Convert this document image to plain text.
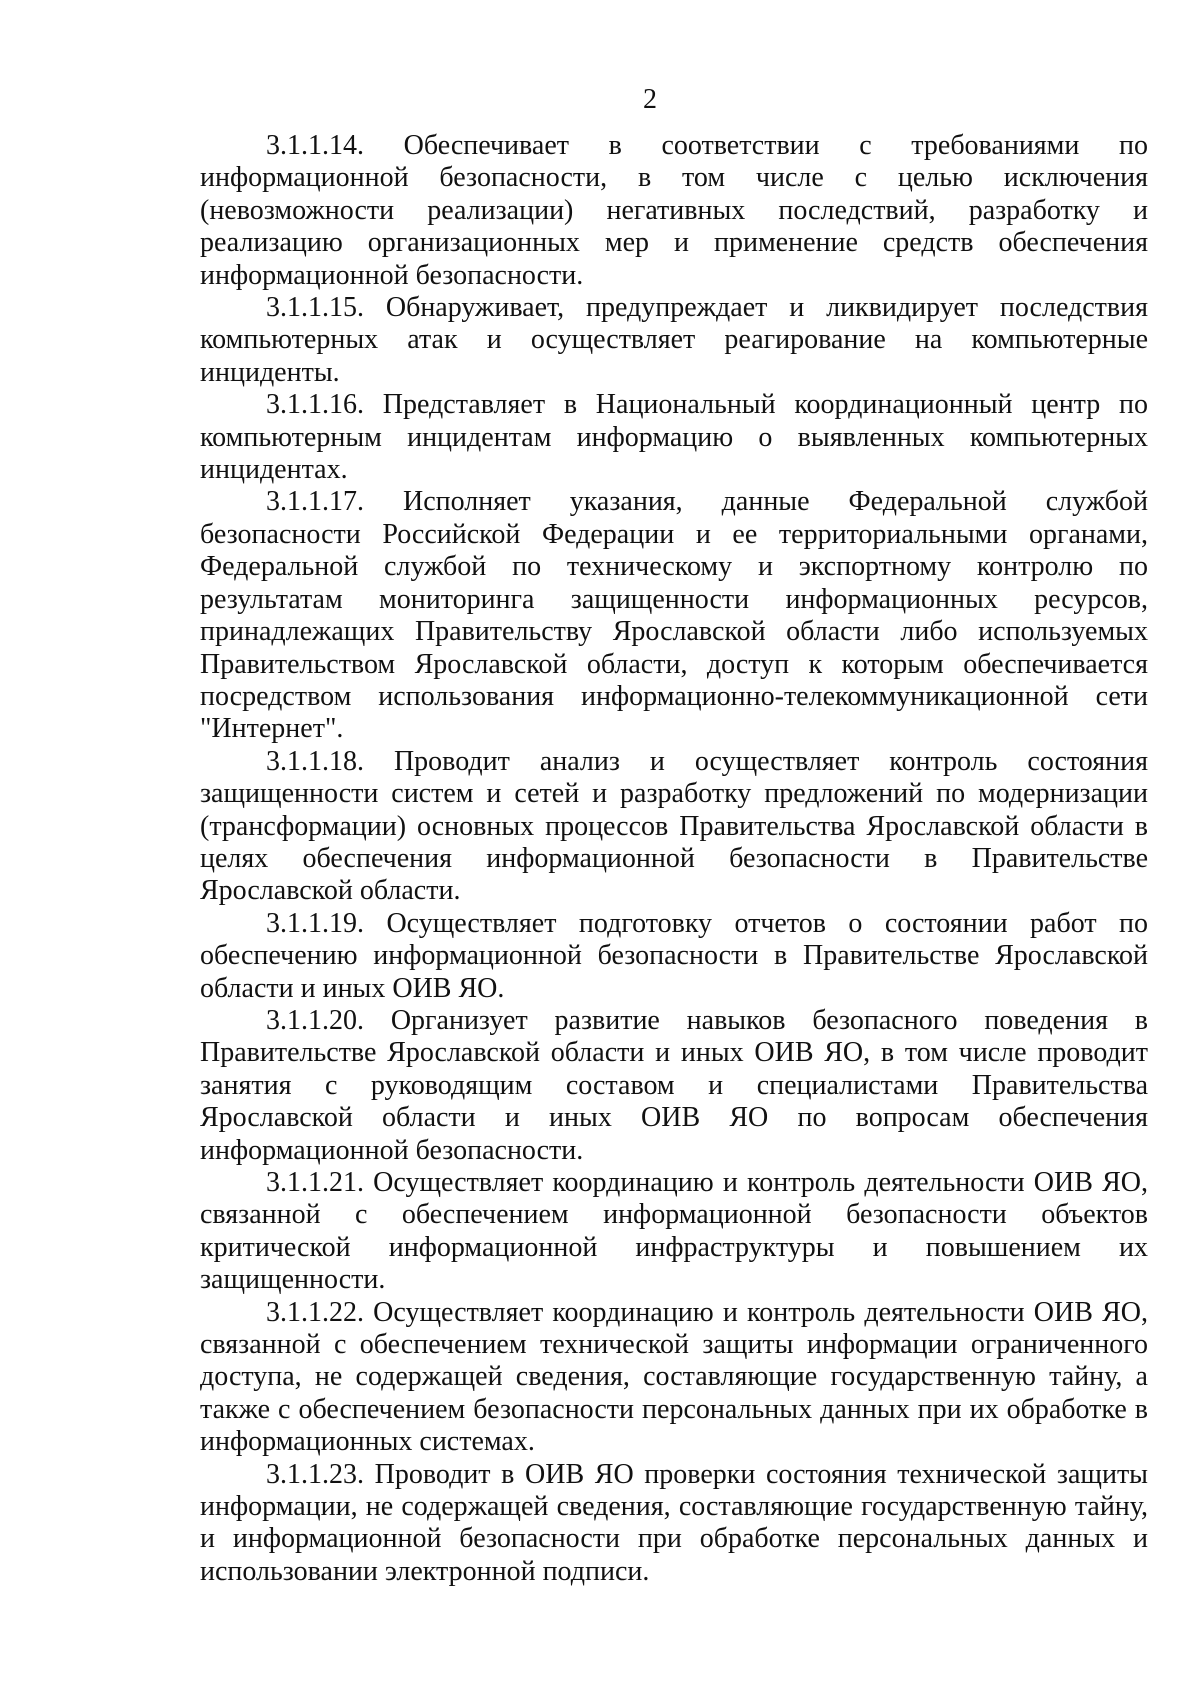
2

3.1.1.14. Обеспечивает в соответствии с требованиями по информационной безопасности, в том числе с целью исключения (невозможности реализации) негативных последствий, разработку и реализацию организационных мер и применение средств обеспечения информационной безопасности.

3.1.1.15. Обнаруживает, предупреждает и ликвидирует последствия компьютерных атак и осуществляет реагирование на компьютерные инциденты.

3.1.1.16. Представляет в Национальный координационный центр по компьютерным инцидентам информацию о выявленных компьютерных инцидентах.

3.1.1.17. Исполняет указания, данные Федеральной службой безопасности Российской Федерации и ее территориальными органами, Федеральной службой по техническому и экспортному контролю по результатам мониторинга защищенности информационных ресурсов, принадлежащих Правительству Ярославской области либо используемых Правительством Ярославской области, доступ к которым обеспечивается посредством использования информационно-телекоммуникационной сети "Интернет".

3.1.1.18. Проводит анализ и осуществляет контроль состояния защищенности систем и сетей и разработку предложений по модернизации (трансформации) основных процессов Правительства Ярославской области в целях обеспечения информационной безопасности в Правительстве Ярославской области.

3.1.1.19. Осуществляет подготовку отчетов о состоянии работ по обеспечению информационной безопасности в Правительстве Ярославской области и иных ОИВ ЯО.

3.1.1.20. Организует развитие навыков безопасного поведения в Правительстве Ярославской области и иных ОИВ ЯО, в том числе проводит занятия с руководящим составом и специалистами Правительства Ярославской области и иных ОИВ ЯО по вопросам обеспечения информационной безопасности.

3.1.1.21. Осуществляет координацию и контроль деятельности ОИВ ЯО, связанной с обеспечением информационной безопасности объектов критической информационной инфраструктуры и повышением их защищенности.

3.1.1.22. Осуществляет координацию и контроль деятельности ОИВ ЯО, связанной с обеспечением технической защиты информации ограниченного доступа, не содержащей сведения, составляющие государственную тайну, а также с обеспечением безопасности персональных данных при их обработке в информационных системах.

3.1.1.23. Проводит в ОИВ ЯО проверки состояния технической защиты информации, не содержащей сведения, составляющие государственную тайну, и информационной безопасности при обработке персональных данных и использовании электронной подписи.
